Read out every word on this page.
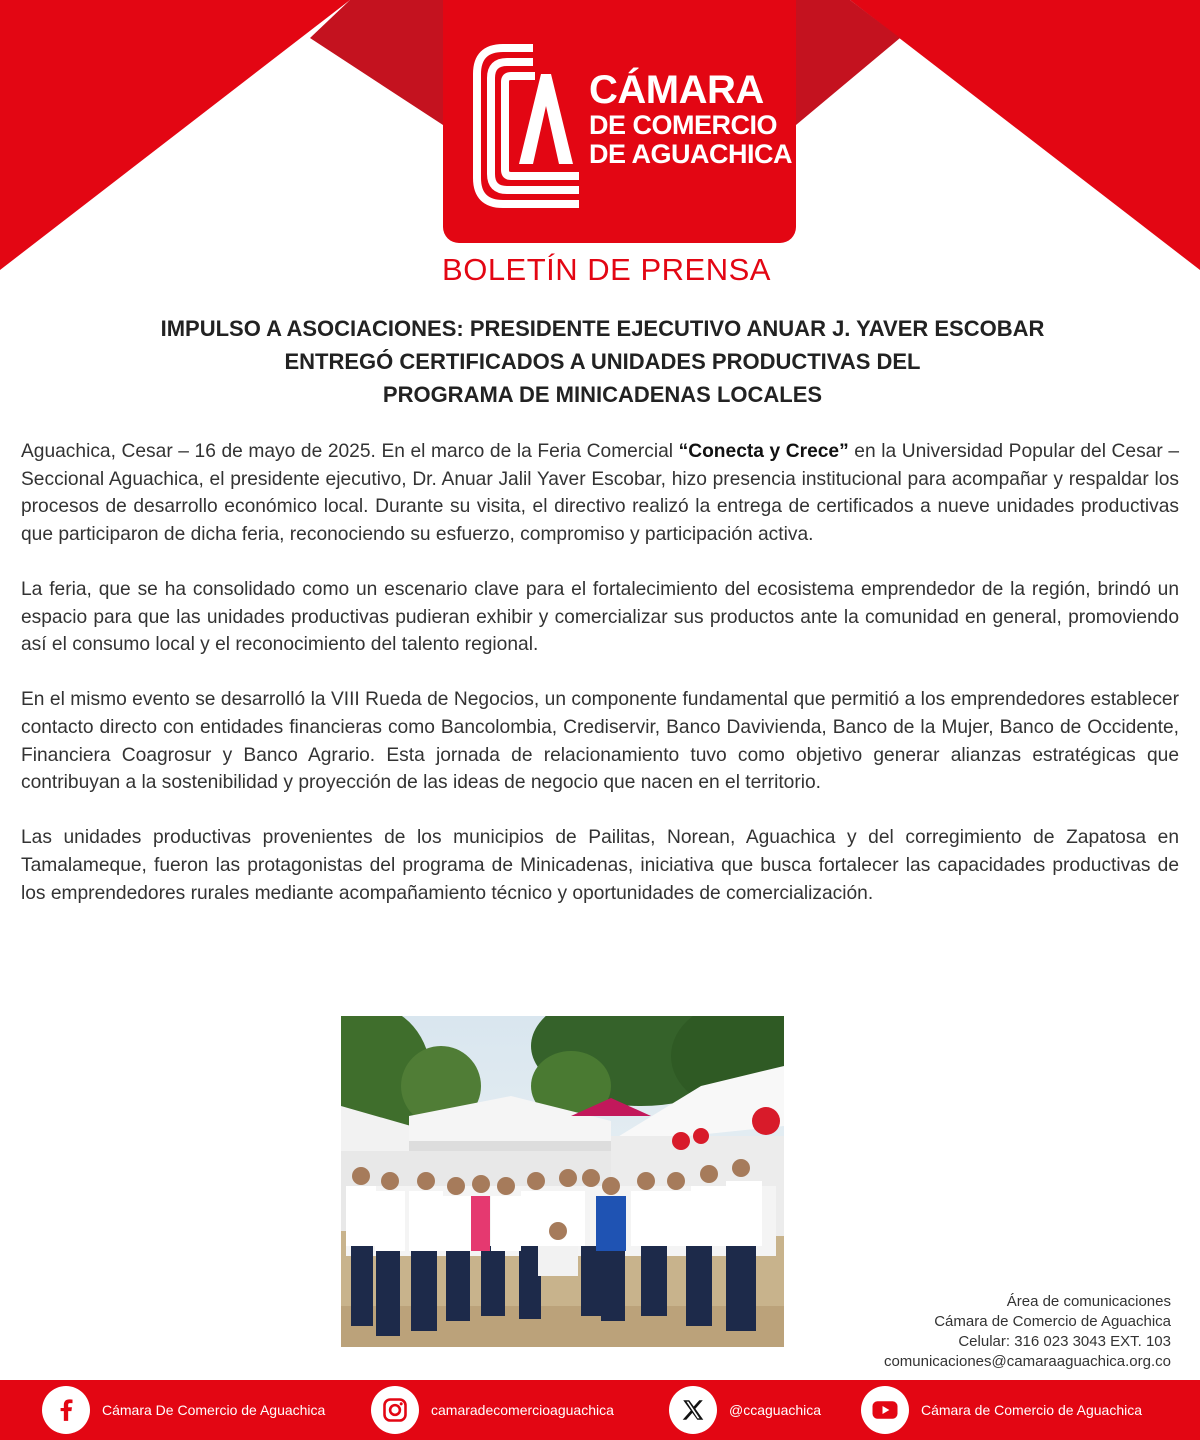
CÁMARA
DE COMERCIO
DE AGUACHICA
BOLETÍN DE PRENSA
IMPULSO A ASOCIACIONES: PRESIDENTE EJECUTIVO ANUAR J. YAVER ESCOBAR
ENTREGÓ CERTIFICADOS A UNIDADES PRODUCTIVAS DEL
PROGRAMA DE MINICADENAS LOCALES

Aguachica, Cesar – 16 de mayo de 2025. En el marco de la Feria Comercial “Conecta y Crece” en la Universidad Popular del Cesar – Seccional Aguachica, el presidente ejecutivo, Dr. Anuar Jalil Yaver Escobar, hizo presencia institucional para acompañar y respaldar los procesos de desarrollo económico local. Durante su visita, el directivo realizó la entrega de certificados a nueve unidades productivas que participaron de dicha feria, reconociendo su esfuerzo, compromiso y participación activa.

La feria, que se ha consolidado como un escenario clave para el fortalecimiento del ecosistema emprendedor de la región, brindó un espacio para que las unidades productivas pudieran exhibir y comercializar sus productos ante la comunidad en general, promoviendo así el consumo local y el reconocimiento del talento regional.

En el mismo evento se desarrolló la VIII Rueda de Negocios, un componente fundamental que permitió a los emprendedores establecer contacto directo con entidades financieras como Bancolombia, Crediservir, Banco Davivienda, Banco de la Mujer, Banco de Occidente, Financiera Coagrosur y Banco Agrario. Esta jornada de relacionamiento tuvo como objetivo generar alianzas estratégicas que contribuyan a la sostenibilidad y proyección de las ideas de negocio que nacen en el territorio.

Las unidades productivas provenientes de los municipios de Pailitas, Norean, Aguachica y del corregimiento de Zapatosa en Tamalameque, fueron las protagonistas del programa de Minicadenas, iniciativa que busca fortalecer las capacidades productivas de los emprendedores rurales mediante acompañamiento técnico y oportunidades de comercialización.

Área de comunicaciones
Cámara de Comercio de Aguachica
Celular: 316 023 3043 EXT. 103
comunicaciones@camaraaguachica.org.co
Cámara De Comercio de Aguachica	camaradecomercioaguachica	@ccaguachica	Cámara de Comercio de Aguachica
